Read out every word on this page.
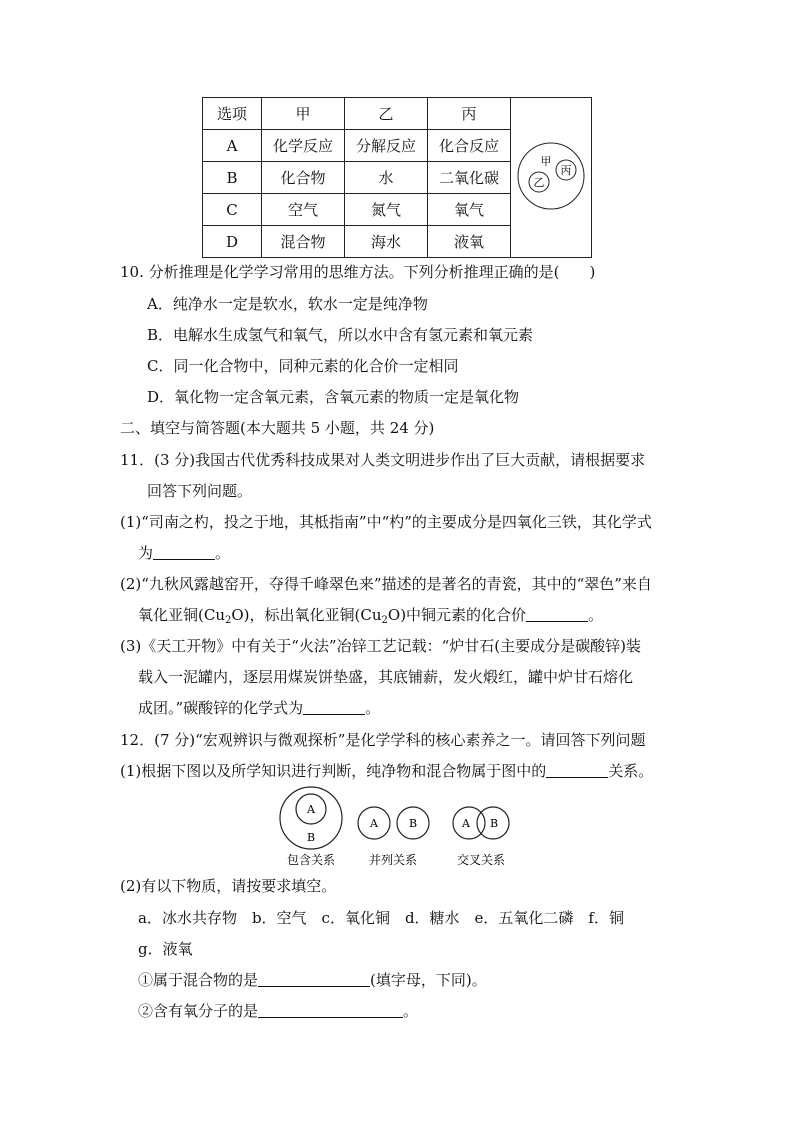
选项	甲	乙	丙	甲
丙
乙

A	化学反应	分解反应	化合反应	
B	化合物	水	二氧化碳	
C	空气	氮气	氧气	
D	混合物	海水	液氧	
10. 分析推理是化学学习常用的思维方法。下列分析推理正确的是(　　)
A．纯净水一定是软水，软水一定是纯净物
B．电解水生成氢气和氧气，所以水中含有氢元素和氧元素
C．同一化合物中，同种元素的化合价一定相同
D．氧化物一定含氧元素，含氧元素的物质一定是氧化物
二、填空与简答题(本大题共 5 小题，共 24 分)
11．(3 分)我国古代优秀科技成果对人类文明进步作出了巨大贡献，请根据要求
回答下列问题。
(1)“司南之杓，投之于地，其柢指南”中“杓”的主要成分是四氧化三铁，其化学式
为	。
(2)“九秋风露越窑开，夺得千峰翠色来”描述的是著名的青瓷，其中的“翠色”来自
氧化亚铜$(Cu_2O)$，标出氧化亚铜$(Cu_2O)$中铜元素的化合价	。
(3)《天工开物》中有关于“火法”冶锌工艺记载：“炉甘石(主要成分是碳酸锌)装
载入一泥罐内，逐层用煤炭饼垫盛，其底铺薪，发火煅红，罐中炉甘石熔化
成团。”碳酸锌的化学式为	。
12．(7 分)“宏观辨识与微观探析”是化学学科的核心素养之一。请回答下列问题
(1)根据下图以及所学知识进行判断，纯净物和混合物属于图中的	关系。
A
B
A	B	A B
包含关系	并列关系	交叉关系
(2)有以下物质，请按要求填空。
a．冰水共存物　b．空气　c．氧化铜　d．糖水　e．五氧化二磷　f．铜
g．液氧
①属于混合物的是	(填字母，下同)。
②含有氧分子的是	。
